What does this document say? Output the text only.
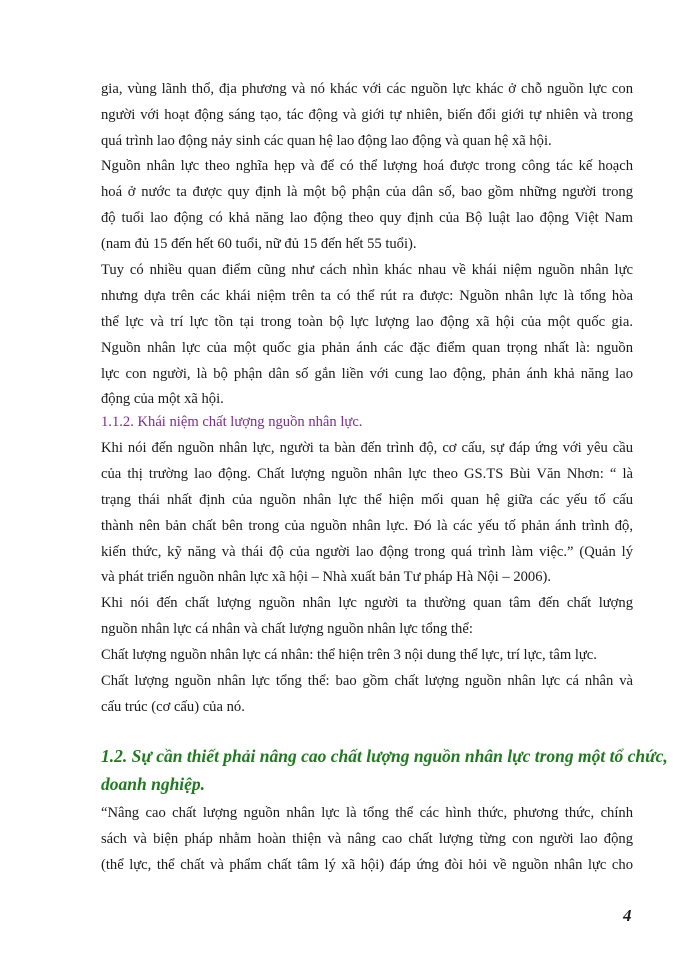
gia, vùng lãnh thổ, địa phương và nó khác với các nguồn lực khác ở chỗ nguồn lực con
người với hoạt động sáng tạo, tác động và giới tự nhiên, biến đổi giới tự nhiên và trong
quá trình lao động nảy sinh các quan hệ lao động lao động và quan hệ xã hội.
Nguồn nhân lực theo nghĩa hẹp và để có thể lượng hoá được trong công tác kế hoạch
hoá ở nước ta được quy định là một bộ phận của dân số, bao gồm những người trong
độ tuổi lao động có khả năng lao động theo quy định của Bộ luật lao động Việt Nam
(nam đủ 15 đến hết 60 tuổi, nữ đủ 15 đến hết 55 tuổi).
Tuy có nhiều quan điểm cũng như cách nhìn khác nhau về khái niệm nguồn nhân lực
nhưng dựa trên các khái niệm trên ta có thể rút ra được: Nguồn nhân lực là tổng hòa
thể lực và trí lực tồn tại trong toàn bộ lực lượng lao động xã hội của một quốc gia.
Nguồn nhân lực của một quốc gia phản ánh các đặc điểm quan trọng nhất là: nguồn
lực con người, là bộ phận dân số gắn liền với cung lao động, phản ánh khả năng lao
động của một xã hội.
1.1.2. Khái niệm chất lượng nguồn nhân lực.
Khi nói đến nguồn nhân lực, người ta bàn đến trình độ, cơ cấu, sự đáp ứng với yêu cầu
của thị trường lao động. Chất lượng nguồn nhân lực theo GS.TS Bùi Văn Nhơn: “ là
trạng thái nhất định của nguồn nhân lực thể hiện mối quan hệ giữa các yếu tố cấu
thành nên bản chất bên trong của nguồn nhân lực. Đó là các yếu tố phản ánh trình độ,
kiến thức, kỹ năng và thái độ của người lao động trong quá trình làm việc.” (Quản lý
và phát triển nguồn nhân lực xã hội – Nhà xuất bản Tư pháp Hà Nội – 2006).
Khi nói đến chất lượng nguồn nhân lực người ta thường quan tâm đến chất lượng
nguồn nhân lực cá nhân và chất lượng nguồn nhân lực tổng thể:
Chất lượng nguồn nhân lực cá nhân: thể hiện trên 3 nội dung thể lực, trí lực, tâm lực.
Chất lượng nguồn nhân lực tổng thể: bao gồm chất lượng nguồn nhân lực cá nhân và
cấu trúc (cơ cấu) của nó.
1.2. Sự cần thiết phải nâng cao chất lượng nguồn nhân lực trong một tổ chức,
doanh nghiệp.
“Nâng cao chất lượng nguồn nhân lực là tổng thể các hình thức, phương thức, chính
sách và biện pháp nhằm hoàn thiện và nâng cao chất lượng từng con người lao động
(thể lực, thể chất và phẩm chất tâm lý xã hội) đáp ứng đòi hỏi về nguồn nhân lực cho
4
